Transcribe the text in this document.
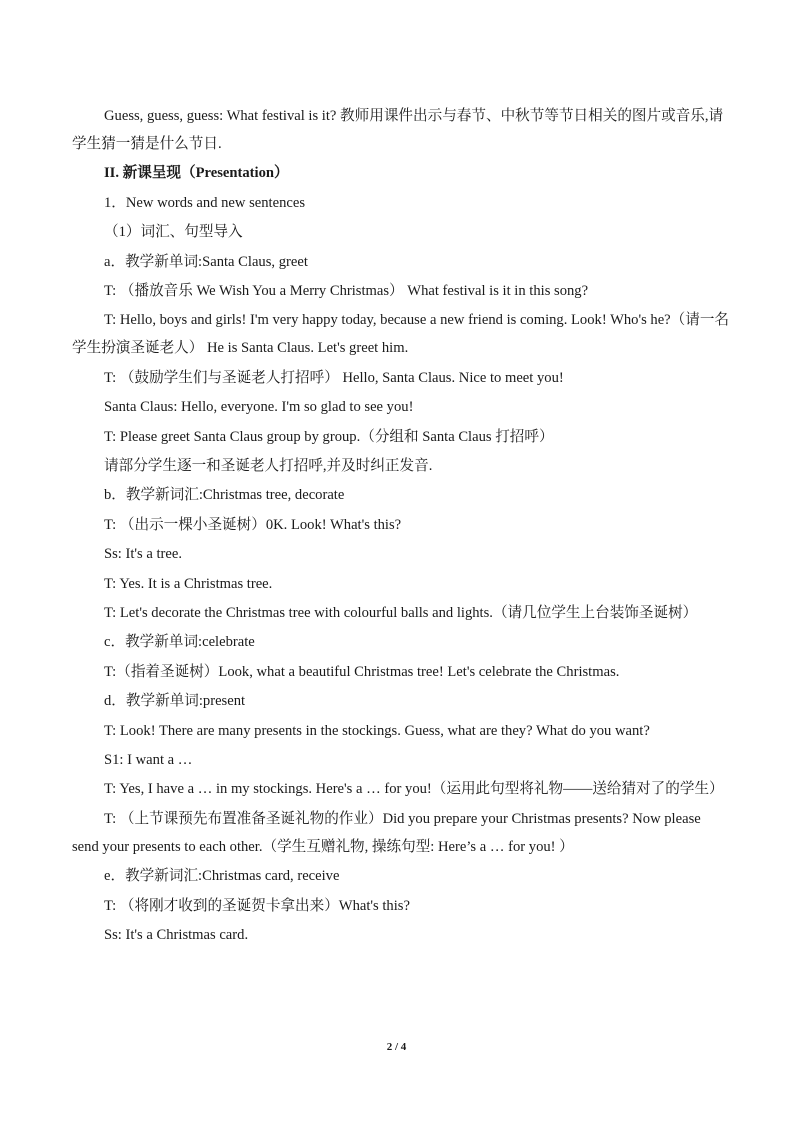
Guess, guess, guess: What festival is it? 教师用课件出示与春节、中秋节等节日相关的图片或音乐,请学生猜一猜是什么节日.

II. 新课呈现（Presentation）

1．New words and new sentences

（1）词汇、句型导入

a．教学新单词:Santa Claus, greet

T: （播放音乐 We Wish You a Merry Christmas） What festival is it in this song?

T: Hello, boys and girls! I'm very happy today, because a new friend is coming. Look! Who's he?（请一名学生扮演圣诞老人） He is Santa Claus. Let's greet him.

T: （鼓励学生们与圣诞老人打招呼） Hello, Santa Claus. Nice to meet you!

Santa Claus: Hello, everyone. I'm so glad to see you!

T: Please greet Santa Claus group by group.（分组和 Santa Claus 打招呼）

请部分学生逐一和圣诞老人打招呼,并及时纠正发音.

b．教学新词汇:Christmas tree, decorate

T: （出示一棵小圣诞树）0K. Look! What's this?

Ss: It's a tree.

T: Yes. It is a Christmas tree.

T: Let's decorate the Christmas tree with colourful balls and lights.（请几位学生上台装饰圣诞树）

c．教学新单词:celebrate

T:（指着圣诞树）Look, what a beautiful Christmas tree! Let's celebrate the Christmas.

d．教学新单词:present

T: Look! There are many presents in the stockings. Guess, what are they? What do you want?

S1: I want a …

T: Yes, I have a … in my stockings. Here's a … for you!（运用此句型将礼物——送给猜对了的学生）

T: （上节课预先布置准备圣诞礼物的作业）Did you prepare your Christmas presents? Now please send your presents to each other.（学生互赠礼物, 操练句型: Here’s a … for you! ）

e．教学新词汇:Christmas card, receive

T: （将刚才收到的圣诞贺卡拿出来）What's this?

Ss: It's a Christmas card.

2 / 4
